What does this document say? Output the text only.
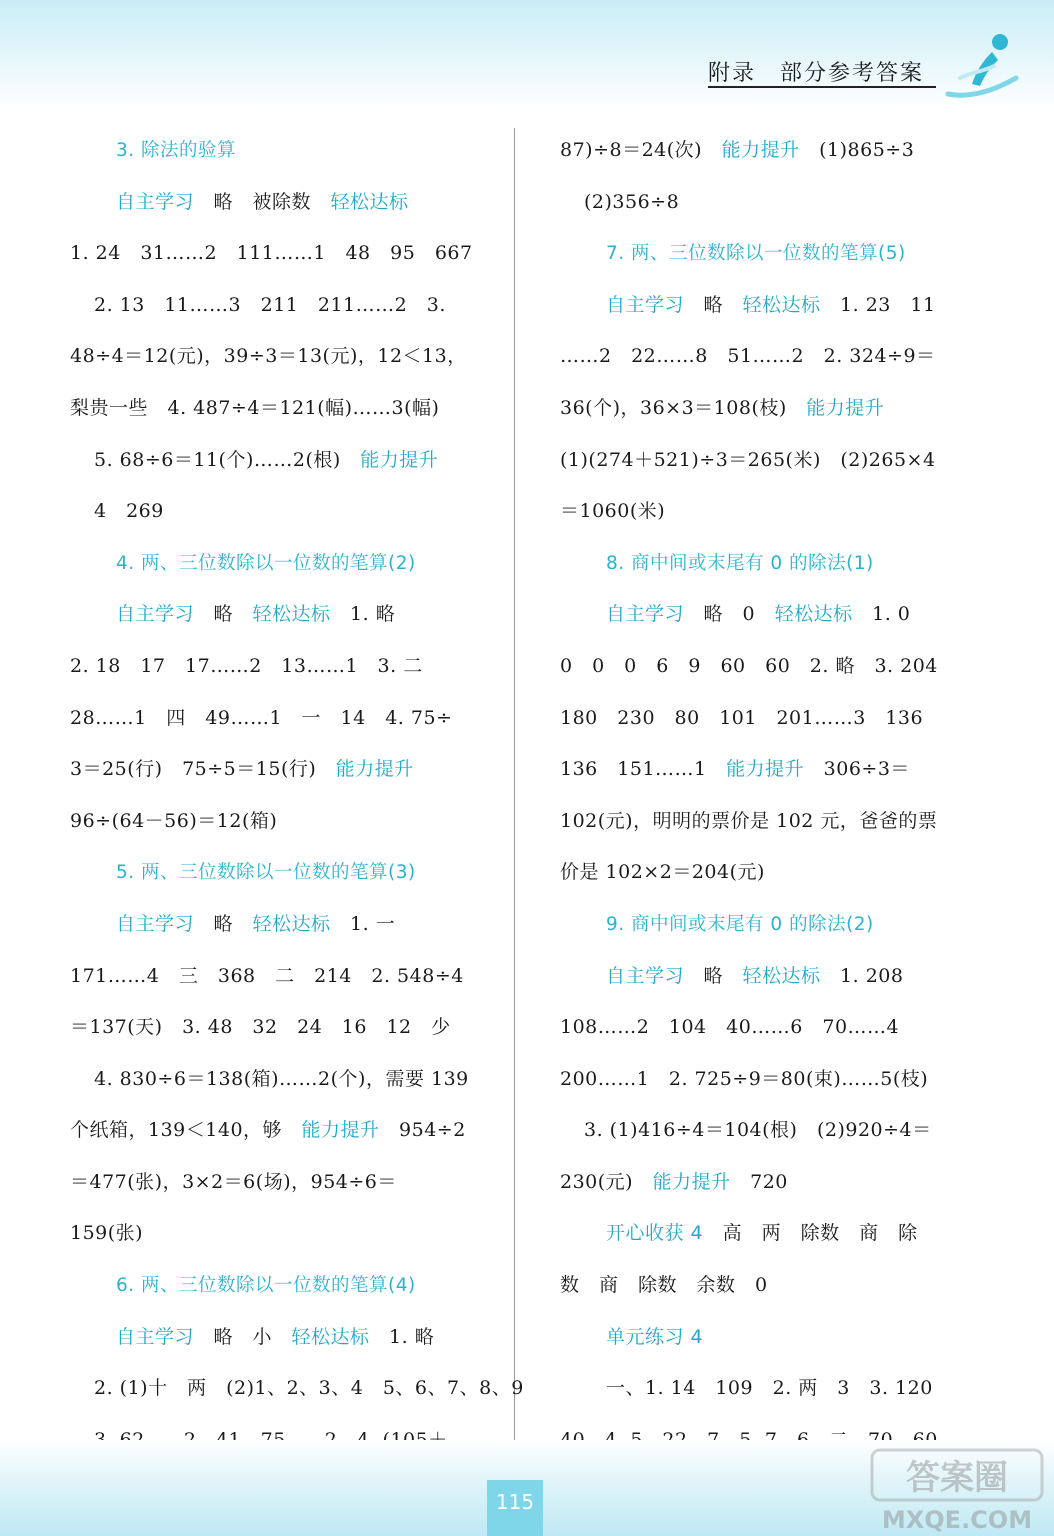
附录　部分参考答案
3. 除法的验算
自主学习　略　被除数　轻松达标
1. 24　31……2　111……1　48　95　667
2. 13　11……3　211　211……2　3.
48÷4＝12(元)，39÷3＝13(元)，12＜13，
梨贵一些　4. 487÷4＝121(幅)……3(幅)
5. 68÷6＝11(个)……2(根)　能力提升
4　269
4. 两、三位数除以一位数的笔算(2)
自主学习　略　轻松达标　1. 略
2. 18　17　17……2　13……1　3. 二
28……1　四　49……1　一　14　4. 75÷
3＝25(行)　75÷5＝15(行)　能力提升
96÷(64－56)＝12(箱)
5. 两、三位数除以一位数的笔算(3)
自主学习　略　轻松达标　1. 一
171……4　三　368　二　214　2. 548÷4
＝137(天)　3. 48　32　24　16　12　少
4. 830÷6＝138(箱)……2(个)，需要 139
个纸箱，139＜140，够　能力提升　954÷2
＝477(张)，3×2＝6(场)，954÷6＝
159(张)
6. 两、三位数除以一位数的笔算(4)
自主学习　略　小　轻松达标　1. 略
2. (1)十　两　(2)1、2、3、4　5、6、7、8、9
87)÷8＝24(次)　能力提升　(1)865÷3
(2)356÷8
7. 两、三位数除以一位数的笔算(5)
自主学习　略　轻松达标　1. 23　11
……2　22……8　51……2　2. 324÷9＝
36(个)，36×3＝108(枝)　能力提升
(1)(274＋521)÷3＝265(米)　(2)265×4
＝1060(米)
8. 商中间或末尾有 0 的除法(1)
自主学习　略　0　轻松达标　1. 0
0　0　0　6　9　60　60　2. 略　3. 204
180　230　80　101　201……3　136
136　151……1　能力提升　306÷3＝
102(元)，明明的票价是 102 元，爸爸的票
价是 102×2＝204(元)
9. 商中间或末尾有 0 的除法(2)
自主学习　略　轻松达标　1. 208
108……2　104　40……6　70……4
200……1　2. 725÷9＝80(束)……5(枝)
3. (1)416÷4＝104(根)　(2)920÷4＝
230(元)　能力提升　720
开心收获 4　高　两　除数　商　除
数　商　除数　余数　0
单元练习 4
一、1. 14　109　2. 两　3　3. 120
115
答案圈
MXQE.COM
